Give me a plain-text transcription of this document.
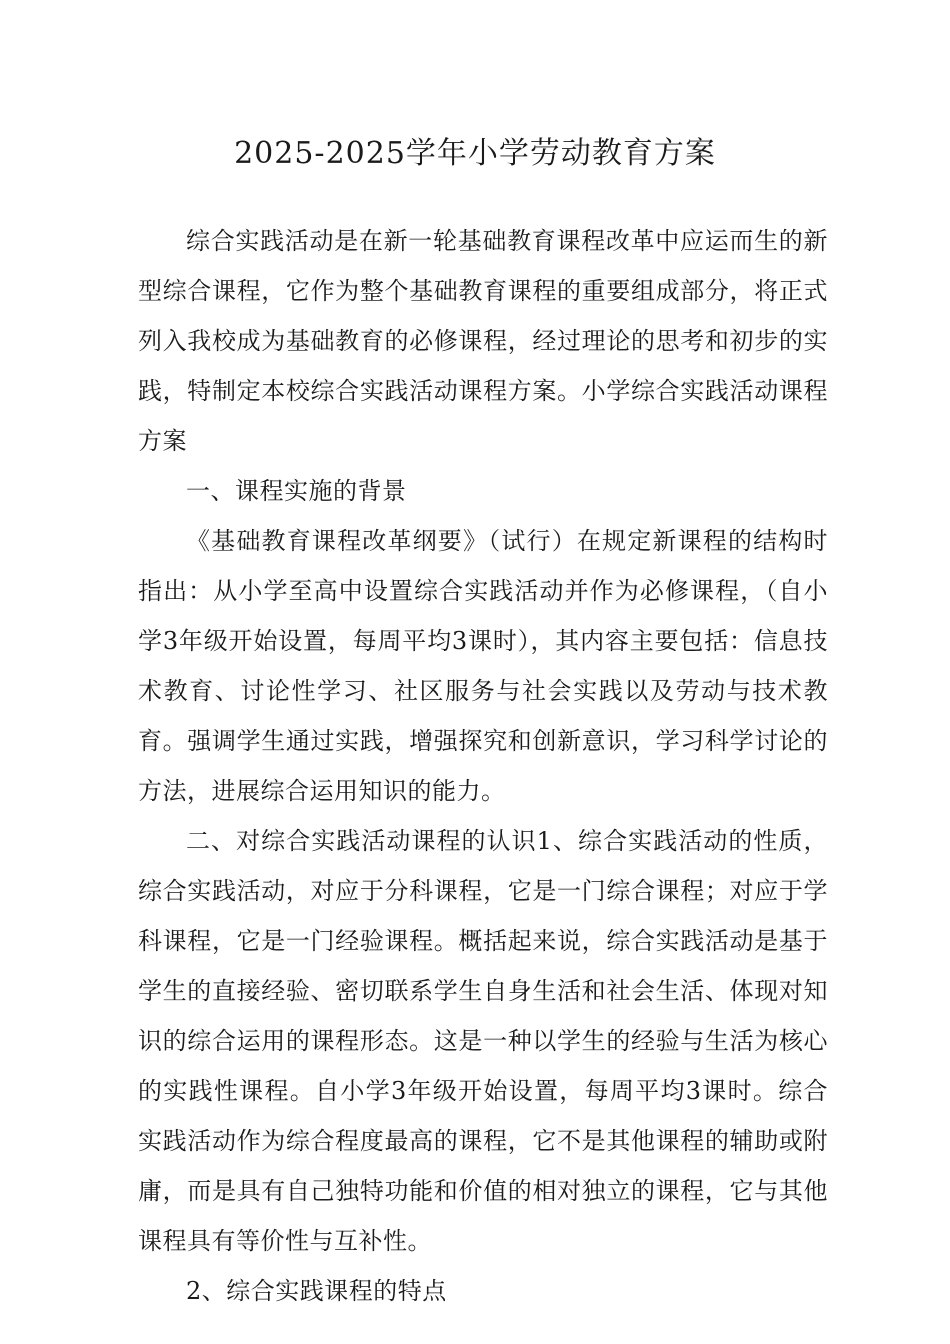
2025-2025学年小学劳动教育方案

综合实践活动是在新一轮基础教育课程改革中应运而生的新型综合课程，它作为整个基础教育课程的重要组成部分，将正式列入我校成为基础教育的必修课程，经过理论的思考和初步的实践，特制定本校综合实践活动课程方案。小学综合实践活动课程方案

一、课程实施的背景

《基础教育课程改革纲要》（试行）在规定新课程的结构时指出：从小学至高中设置综合实践活动并作为必修课程，（自小学3年级开始设置，每周平均3课时），其内容主要包括：信息技术教育、讨论性学习、社区服务与社会实践以及劳动与技术教育。强调学生通过实践，增强探究和创新意识，学习科学讨论的方法，进展综合运用知识的能力。

二、对综合实践活动课程的认识1、综合实践活动的性质，综合实践活动，对应于分科课程，它是一门综合课程；对应于学科课程，它是一门经验课程。概括起来说，综合实践活动是基于学生的直接经验、密切联系学生自身生活和社会生活、体现对知识的综合运用的课程形态。这是一种以学生的经验与生活为核心的实践性课程。自小学3年级开始设置，每周平均3课时。综合实践活动作为综合程度最高的课程，它不是其他课程的辅助或附庸，而是具有自己独特功能和价值的相对独立的课程，它与其他课程具有等价性与互补性。

2、综合实践课程的特点
